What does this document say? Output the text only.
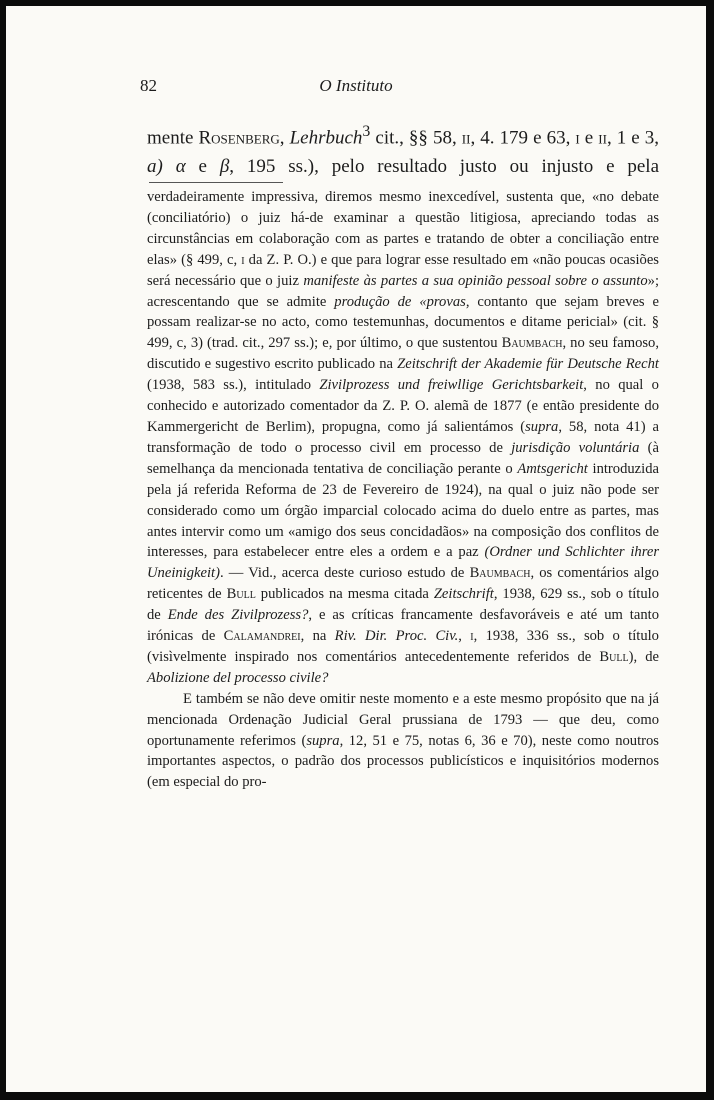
82	O Instituto

mente Rosenberg, Lehrbuch$^3$ cit., §§ 58, ii, 4. 179 e 63, i e ii, 1 e 3, a) α e β, 195 ss.), pelo resultado justo ou injusto e pela

verdadeiramente impressiva, diremos mesmo inexcedível, sustenta que, «no debate (conciliatório) o juiz há-de examinar a questão litigiosa, apreciando todas as circunstâncias em colaboração com as partes e tratando de obter a conciliação entre elas» (§ 499, c, i da Z. P. O.) e que para lograr esse resultado em «não poucas ocasiões será necessário que o juiz manifeste às partes a sua opinião pessoal sobre o assunto»; acrescentando que se admite produção de «provas, contanto que sejam breves e possam realizar-se no acto, como testemunhas, documentos e ditame pericial» (cit. § 499, c, 3) (trad. cit., 297 ss.); e, por último, o que sustentou Baumbach, no seu famoso, discutido e sugestivo escrito publicado na Zeitschrift der Akademie für Deutsche Recht (1938, 583 ss.), intitulado Zivilprozess und freiwllige Gerichtsbarkeit, no qual o conhecido e autorizado comentador da Z. P. O. alemã de 1877 (e então presidente do Kammergericht de Berlim), propugna, como já salientámos (supra, 58, nota 41) a transformação de todo o processo civil em processo de jurisdição voluntária (à semelhança da mencionada tentativa de conciliação perante o Amtsgericht introduzida pela já referida Reforma de 23 de Fevereiro de 1924), na qual o juiz não pode ser considerado como um órgão imparcial colocado acima do duelo entre as partes, mas antes intervir como um «amigo dos seus concidadãos» na composição dos conflitos de interesses, para estabelecer entre eles a ordem e a paz (Ordner und Schlichter ihrer Uneinigkeit). — Vid., acerca deste curioso estudo de Baumbach, os comentários algo reticentes de Bull publicados na mesma citada Zeitschrift, 1938, 629 ss., sob o título de Ende des Zivilprozess?, e as críticas francamente desfavoráveis e até um tanto irónicas de Calamandrei, na Riv. Dir. Proc. Civ., i, 1938, 336 ss., sob o título (visìvelmente inspirado nos comentários antecedentemente referidos de Bull), de Abolizione del processo civile?

E também se não deve omitir neste momento e a este mesmo propósito que na já mencionada Ordenação Judicial Geral prussiana de 1793 — que deu, como oportunamente referimos (supra, 12, 51 e 75, notas 6, 36 e 70), neste como noutros importantes aspectos, o padrão dos processos publicísticos e inquisitórios modernos (em especial do pro-
